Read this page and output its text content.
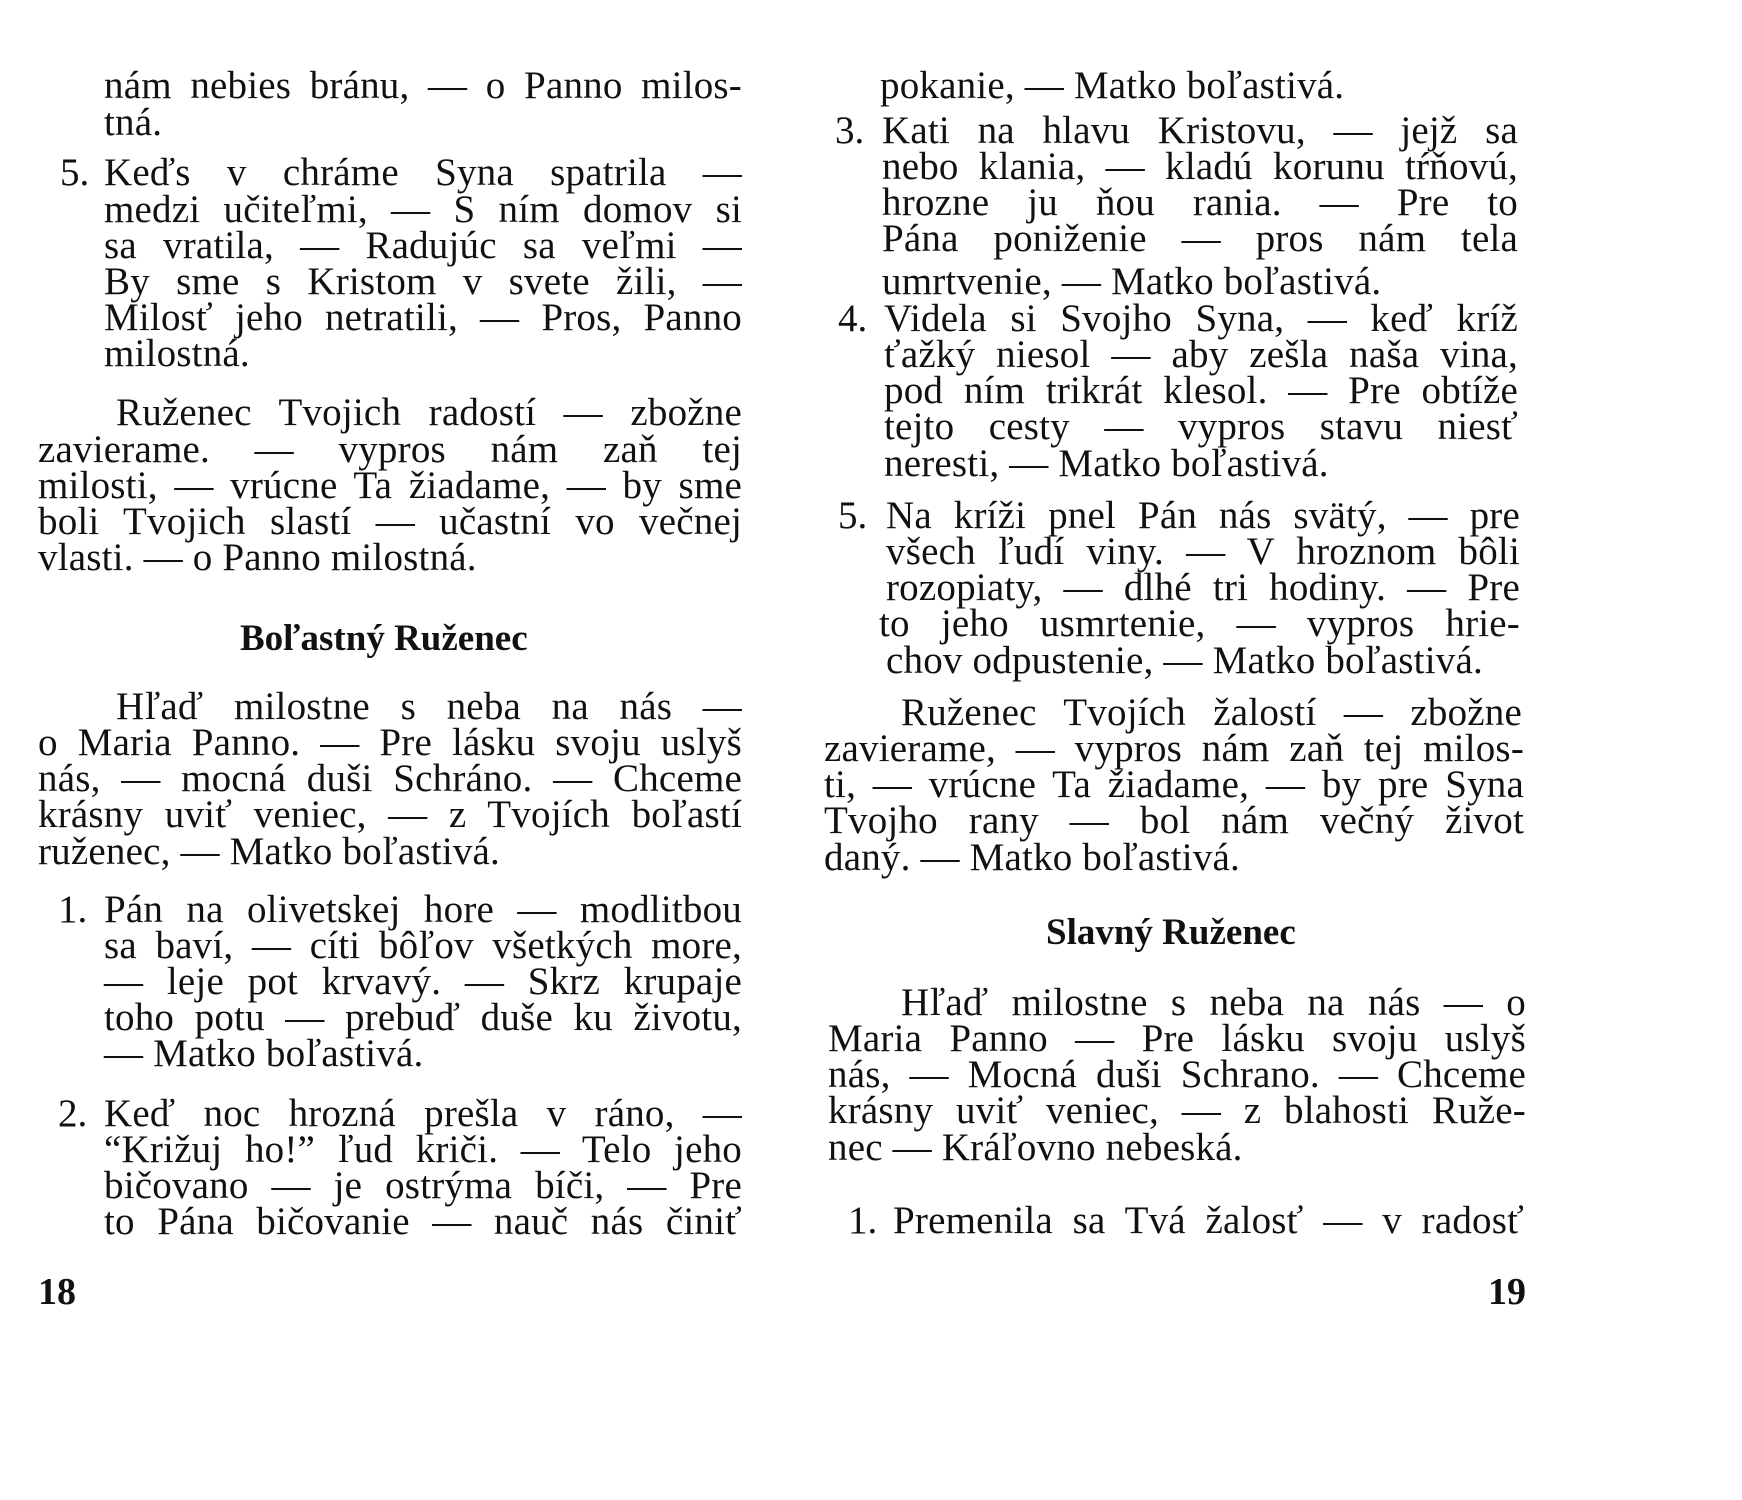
nám nebies bránu, — o Panno milos-
tná.
5. Keďs v chráme Syna spatrila —
medzi učiteľmi, — S ním domov si
sa vratila, — Radujúc sa veľmi —
By sme s Kristom v svete žili, —
Milosť jeho netratili, — Pros, Panno
milostná.
Ruženec Tvojich radostí — zbožne
zavierame. — vypros nám zaň tej
milosti, — vrúcne Ta žiadame, — by sme
boli Tvojich slastí — učastní vo večnej
vlasti. — o Panno milostná.
Boľastný Ruženec
Hľaď milostne s neba na nás —
o Maria Panno. — Pre lásku svoju uslyš
nás, — mocná duši Schráno. — Chceme
krásny uviť veniec, — z Tvojích boľastí
ruženec, — Matko boľastivá.
1. Pán na olivetskej hore — modlitbou
sa baví, — cíti bôľov všetkých more,
— leje pot krvavý. — Skrz krupaje
toho potu — prebuď duše ku životu,
— Matko boľastivá.
2. Keď noc hrozná prešla v ráno, —
“Križuj ho!” ľud kriči. — Telo jeho
bičovano — je ostrýma bíči, — Pre
to Pána bičovanie — nauč nás činiť
18
pokanie, — Matko boľastivá.
3. Kati na hlavu Kristovu, — jejž sa
nebo klania, — kladú korunu tŕňovú,
hrozne ju ňou rania. — Pre to
Pána poniženie — pros nám tela
umrtvenie, — Matko boľastivá.
4. Videla si Svojho Syna, — keď kríž
ťažký niesol — aby zešla naša vina,
pod ním trikrát klesol. — Pre obtíže
tejto cesty — vypros stavu niesť
neresti, — Matko boľastivá.
5. Na kríži pnel Pán nás svätý, — pre
všech ľudí viny. — V hroznom bôli
rozopiaty, — dlhé tri hodiny. — Pre
to jeho usmrtenie, — vypros hrie-
chov odpustenie, — Matko boľastivá.
Ruženec Tvojích žalostí — zbožne
zavierame, — vypros nám zaň tej milos-
ti, — vrúcne Ta žiadame, — by pre Syna
Tvojho rany — bol nám večný život
daný. — Matko boľastivá.
Slavný Ruženec
Hľaď milostne s neba na nás — o
Maria Panno — Pre lásku svoju uslyš
nás, — Mocná duši Schrano. — Chceme
krásny uviť veniec, — z blahosti Ruže-
nec — Kráľovno nebeská.
1. Premenila sa Tvá žalosť — v radosť
19
